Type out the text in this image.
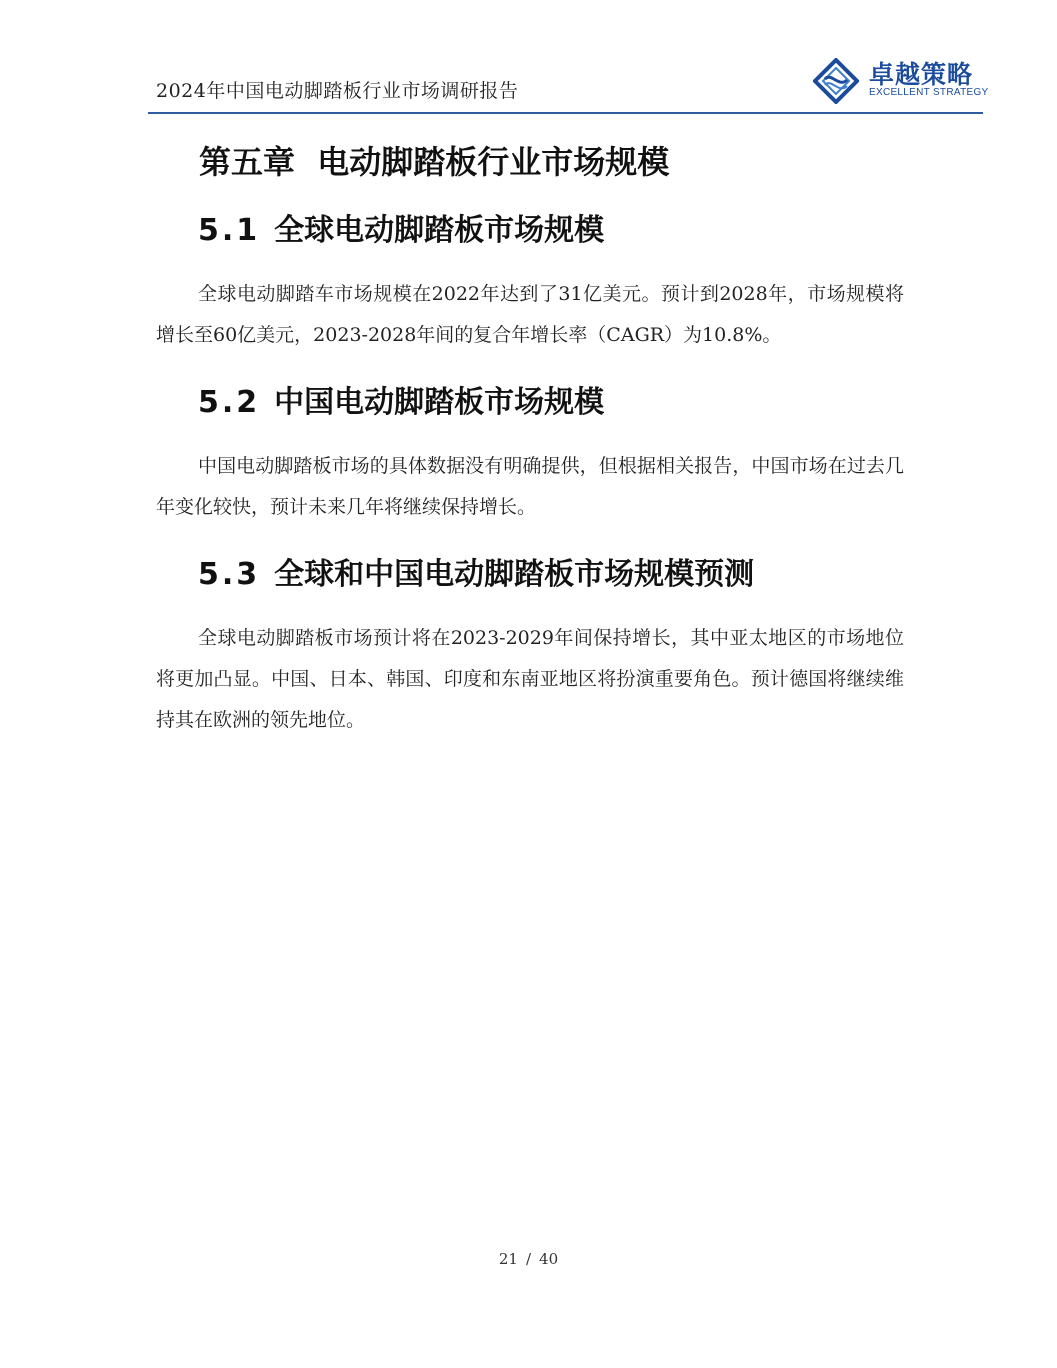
2024年中国电动脚踏板行业市场调研报告
卓越策略
EXCELLENT STRATEGY
第五章  电动脚踏板行业市场规模
5.1 全球电动脚踏板市场规模

全球电动脚踏车市场规模在2022年达到了31亿美元。预计到2028年，市场规模将增长至60亿美元，2023-2028年间的复合年增长率（CAGR）为10.8%。

5.2 中国电动脚踏板市场规模

中国电动脚踏板市场的具体数据没有明确提供，但根据相关报告，中国市场在过去几年变化较快，预计未来几年将继续保持增长。

5.3 全球和中国电动脚踏板市场规模预测

全球电动脚踏板市场预计将在2023-2029年间保持增长，其中亚太地区的市场地位将更加凸显。中国、日本、韩国、印度和东南亚地区将扮演重要角色。预计德国将继续维持其在欧洲的领先地位。

21 / 40
